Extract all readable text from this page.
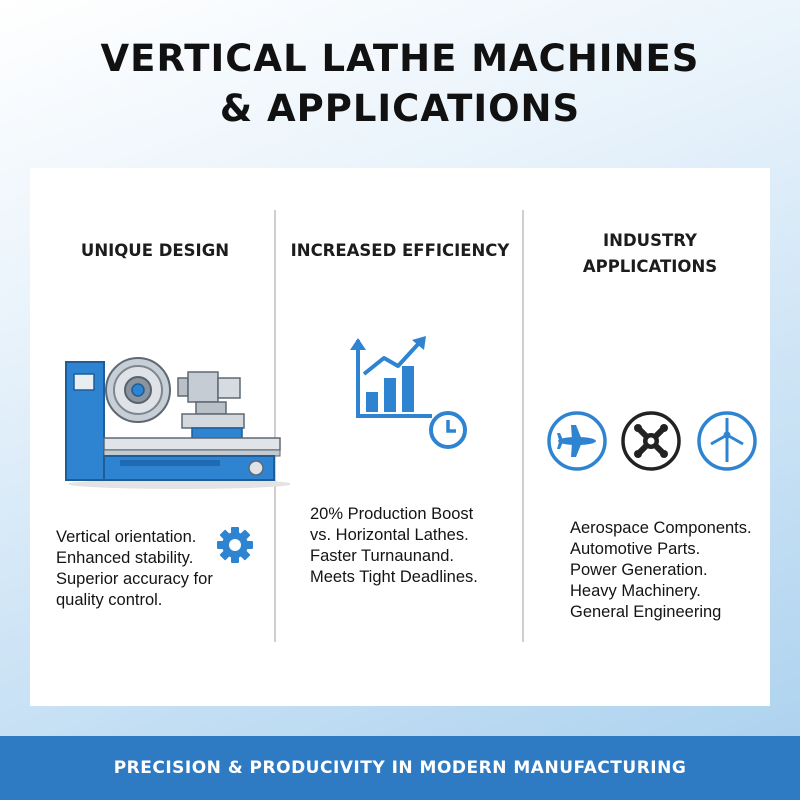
VERTICAL LATHE MACHINES
& APPLICATIONS
UNIQUE DESIGN
Vertical orientation.
Enhanced stability.
Superior accuracy for
quality control.
INCREASED EFFICIENCY
20% Production Boost
vs. Horizontal Lathes.
Faster Turnaunand.
Meets Tight Deadlines.
INDUSTRY
APPLICATIONS
Aerospace Components.
Automotive Parts.
Power Generation.
Heavy Machinery.
General Engineering
PRECISION & PRODUCIVITY IN MODERN MANUFACTURING
